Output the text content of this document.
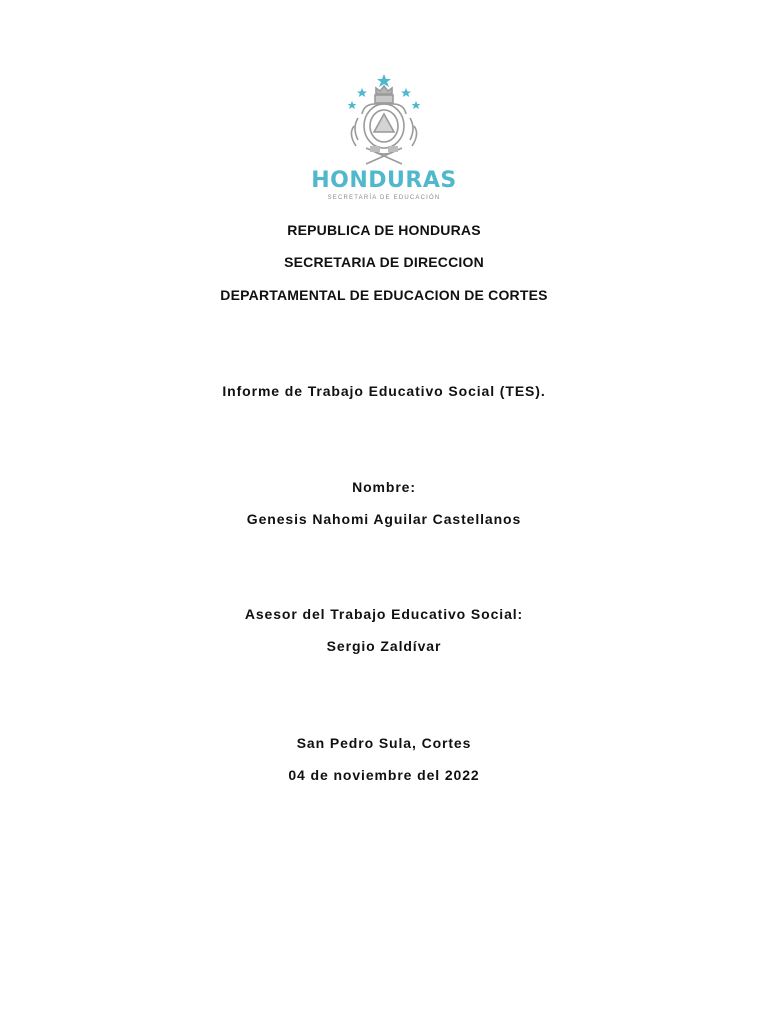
HONDURAS
SECRETARÍA DE EDUCACIÓN
REPUBLICA DE HONDURAS
SECRETARIA DE DIRECCION
DEPARTAMENTAL DE EDUCACION DE CORTES
Informe de Trabajo Educativo Social (TES).
Nombre:
Genesis Nahomi Aguilar Castellanos
Asesor del Trabajo Educativo Social:
Sergio Zaldívar
San Pedro Sula, Cortes
04 de noviembre del 2022
